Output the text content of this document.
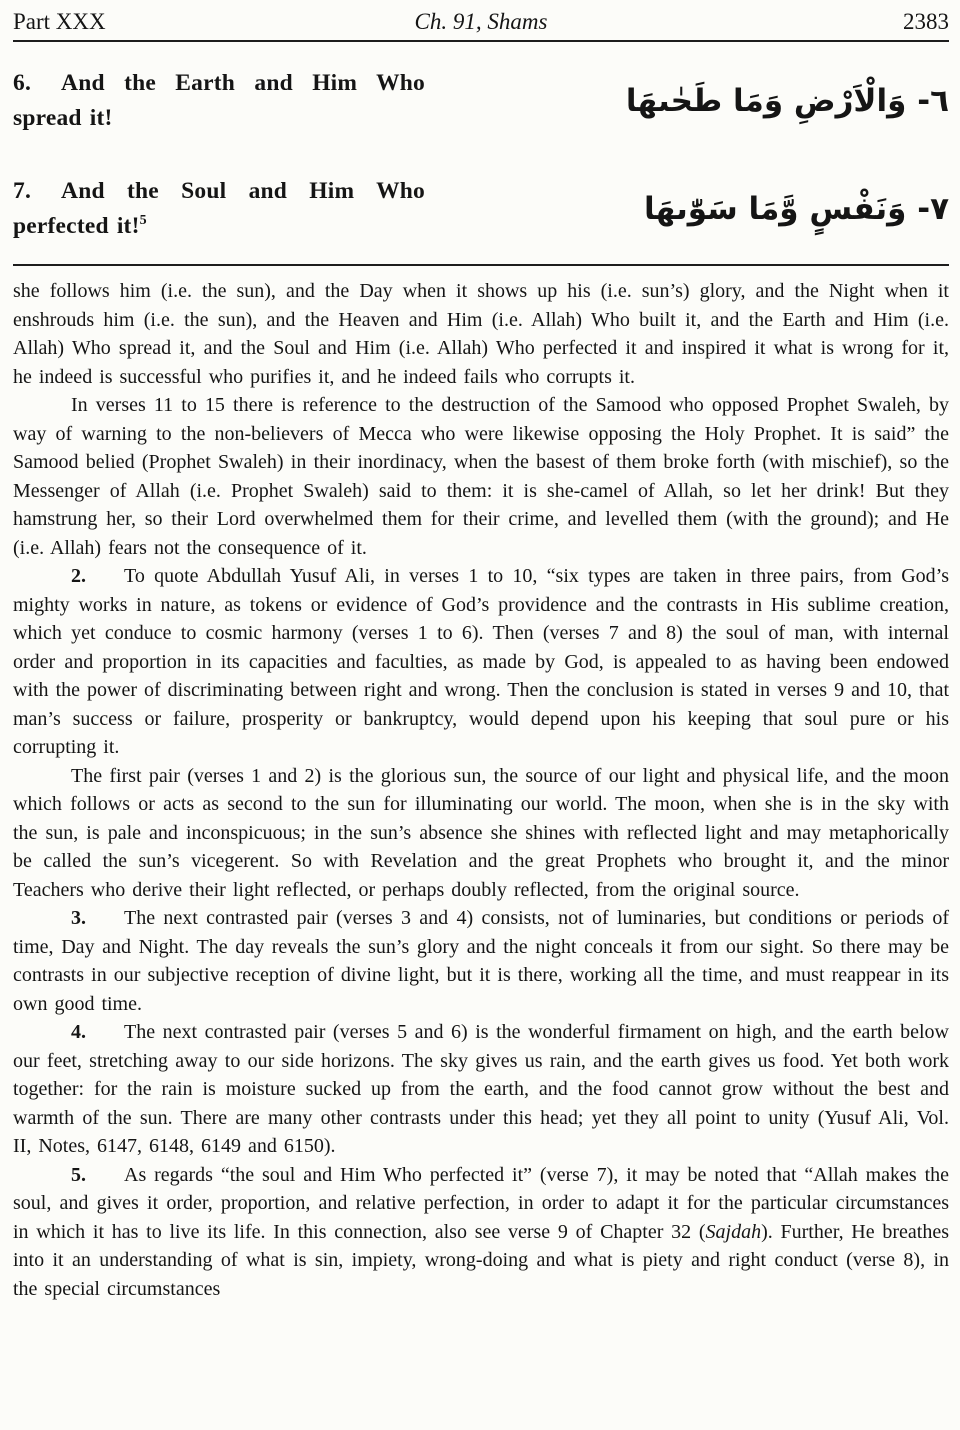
Part XXX	Ch. 91, Shams	2383
6. And the Earth and Him Who spread it!	٦- وَالْاَرْضِ وَمَا طَحٰىهَا
7. And the Soul and Him Who perfected it!$^5$	٧- وَنَفْسٍ وَّمَا سَوّٰىهَا

she follows him (i.e. the sun), and the Day when it shows up his (i.e. sun’s) glory, and the Night when it enshrouds him (i.e. the sun), and the Heaven and Him (i.e. Allah) Who built it, and the Earth and Him (i.e. Allah) Who spread it, and the Soul and Him (i.e. Allah) Who perfected it and inspired it what is wrong for it, he indeed is successful who purifies it, and he indeed fails who corrupts it.

In verses 11 to 15 there is reference to the destruction of the Samood who opposed Prophet Swaleh, by way of warning to the non-believers of Mecca who were likewise opposing the Holy Prophet. It is said” the Samood belied (Prophet Swaleh) in their inordinacy, when the basest of them broke forth (with mischief), so the Messenger of Allah (i.e. Prophet Swaleh) said to them: it is she-camel of Allah, so let her drink! But they hamstrung her, so their Lord overwhelmed them for their crime, and levelled them (with the ground); and He (i.e. Allah) fears not the consequence of it.

2. To quote Abdullah Yusuf Ali, in verses 1 to 10, “six types are taken in three pairs, from God’s mighty works in nature, as tokens or evidence of God’s providence and the contrasts in His sublime creation, which yet conduce to cosmic harmony (verses 1 to 6). Then (verses 7 and 8) the soul of man, with internal order and proportion in its capacities and faculties, as made by God, is appealed to as having been endowed with the power of discriminating between right and wrong. Then the conclusion is stated in verses 9 and 10, that man’s success or failure, prosperity or bankruptcy, would depend upon his keeping that soul pure or his corrupting it.

The first pair (verses 1 and 2) is the glorious sun, the source of our light and physical life, and the moon which follows or acts as second to the sun for illuminating our world. The moon, when she is in the sky with the sun, is pale and inconspicuous; in the sun’s absence she shines with reflected light and may metaphorically be called the sun’s vicegerent. So with Revelation and the great Prophets who brought it, and the minor Teachers who derive their light reflected, or perhaps doubly reflected, from the original source.

3. The next contrasted pair (verses 3 and 4) consists, not of luminaries, but conditions or periods of time, Day and Night. The day reveals the sun’s glory and the night conceals it from our sight. So there may be contrasts in our subjective reception of divine light, but it is there, working all the time, and must reappear in its own good time.

4. The next contrasted pair (verses 5 and 6) is the wonderful firmament on high, and the earth below our feet, stretching away to our side horizons. The sky gives us rain, and the earth gives us food. Yet both work together: for the rain is moisture sucked up from the earth, and the food cannot grow without the best and warmth of the sun. There are many other contrasts under this head; yet they all point to unity (Yusuf Ali, Vol. II, Notes, 6147, 6148, 6149 and 6150).

5. As regards “the soul and Him Who perfected it” (verse 7), it may be noted that “Allah makes the soul, and gives it order, proportion, and relative perfection, in order to adapt it for the particular circumstances in which it has to live its life. In this connection, also see verse 9 of Chapter 32 (Sajdah). Further, He breathes into it an understanding of what is sin, impiety, wrong-doing and what is piety and right conduct (verse 8), in the special circumstances
